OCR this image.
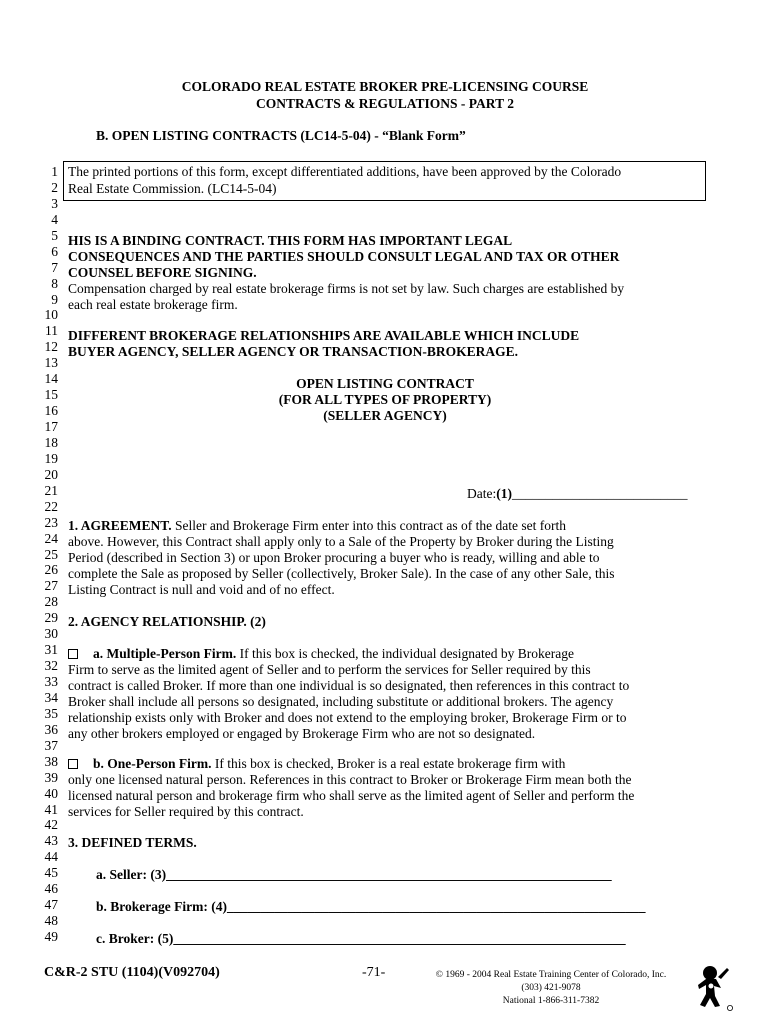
COLORADO REAL ESTATE BROKER PRE-LICENSING COURSE
CONTRACTS & REGULATIONS - PART 2
B. OPEN LISTING CONTRACTS (LC14-5-04) - “Blank Form”
1
2
3
4
5
6
7
8
9
10
11
12
13
14
15
16
17
18
19
20
21
22
23
24
25
26
27
28
29
30
31
32
33
34
35
36
37
38
39
40
41
42
43
44
45
46
47
48
49
The printed portions of this form, except differentiated additions, have been approved by the Colorado
Real Estate Commission. (LC14-5-04)
HIS IS A BINDING CONTRACT. THIS FORM HAS IMPORTANT LEGAL
CONSEQUENCES AND THE PARTIES SHOULD CONSULT LEGAL AND TAX OR OTHER
COUNSEL BEFORE SIGNING.
Compensation charged by real estate brokerage firms is not set by law. Such charges are established by
each real estate brokerage firm.
DIFFERENT BROKERAGE RELATIONSHIPS ARE AVAILABLE WHICH INCLUDE
BUYER AGENCY, SELLER AGENCY OR TRANSACTION-BROKERAGE.
OPEN LISTING CONTRACT
(FOR ALL TYPES OF PROPERTY)
(SELLER AGENCY)
Date:(1)__________________________
1. AGREEMENT. Seller and Brokerage Firm enter into this contract as of the date set forth
above. However, this Contract shall apply only to a Sale of the Property by Broker during the Listing
Period (described in Section 3) or upon Broker procuring a buyer who is ready, willing and able to
complete the Sale as proposed by Seller (collectively, Broker Sale). In the case of any other Sale, this
Listing Contract is null and void and of no effect.
2. AGENCY RELATIONSHIP. (2)
a. Multiple-Person Firm. If this box is checked, the individual designated by Brokerage
Firm to serve as the limited agent of Seller and to perform the services for Seller required by this
contract is called Broker. If more than one individual is so designated, then references in this contract to
Broker shall include all persons so designated, including substitute or additional brokers. The agency
relationship exists only with Broker and does not extend to the employing broker, Brokerage Firm or to
any other brokers employed or engaged by Brokerage Firm who are not so designated.
b. One-Person Firm. If this box is checked, Broker is a real estate brokerage firm with
only one licensed natural person. References in this contract to Broker or Brokerage Firm mean both the
licensed natural person and brokerage firm who shall serve as the limited agent of Seller and perform the
services for Seller required by this contract.
3. DEFINED TERMS.
a. Seller: (3)__________________________________________________________________
b. Brokerage Firm: (4)______________________________________________________________
c. Broker: (5)___________________________________________________________________
C&R-2 STU (1104)(V092704)	-71-	© 1969 - 2004 Real Estate Training Center of Colorado, Inc.
(303) 421-9078
National 1-866-311-7382
